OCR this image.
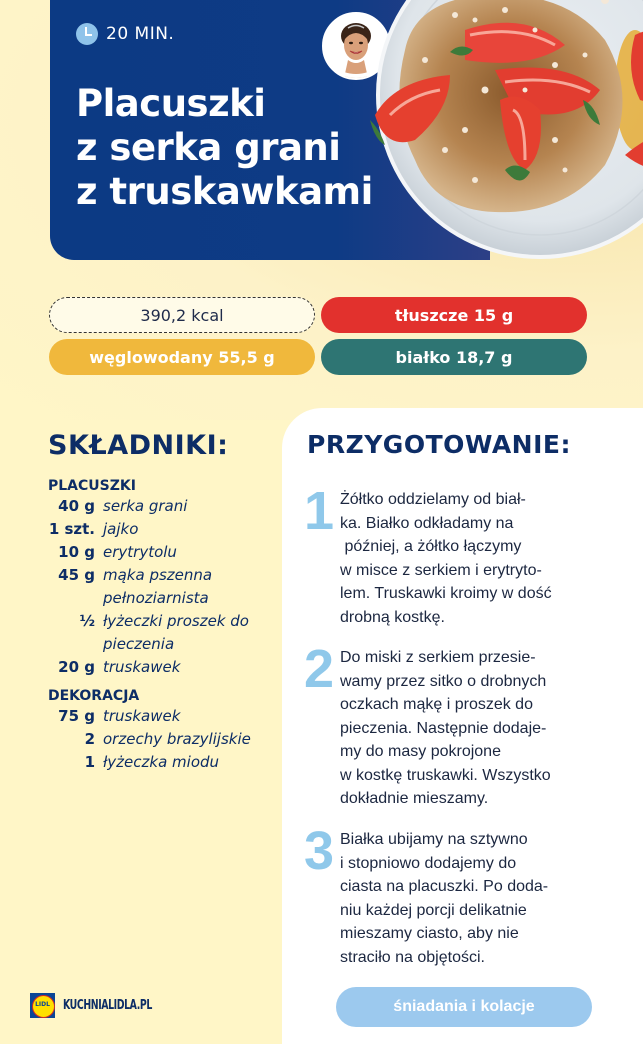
20 MIN.
Placuszki
z serka grani
z truskawkami
390,2 kcal	tłuszcze 15 g
węglowodany 55,5 g	białko 18,7 g
SKŁADNIKI:
PLACUSZKI
40 g serka grani
1 szt. jajko
10 g erytrytolu
45 g mąka pszenna
pełnoziarnista
½ łyżeczki proszek do
pieczenia
20 g truskawek
DEKORACJA
75 g truskawek
2 orzechy brazylijskie
1 łyżeczka miodu
PRZYGOTOWANIE:
1 Żółtko oddzielamy od biał-
ka. Białko odkładamy na
później, a żółtko łączymy
w misce z serkiem i erytryto-
lem. Truskawki kroimy w dość
drobną kostkę.
2 Do miski z serkiem przesie-
wamy przez sitko o drobnych
oczkach mąkę i proszek do
pieczenia. Następnie dodaje-
my do masy pokrojone
w kostkę truskawki. Wszystko
dokładnie mieszamy.
3 Białka ubijamy na sztywno
i stopniowo dodajemy do
ciasta na placuszki. Po doda-
niu każdej porcji delikatnie
mieszamy ciasto, aby nie
straciło na objętości.
LIDL
KUCHNIALIDLA.PL	śniadania i kolacje
